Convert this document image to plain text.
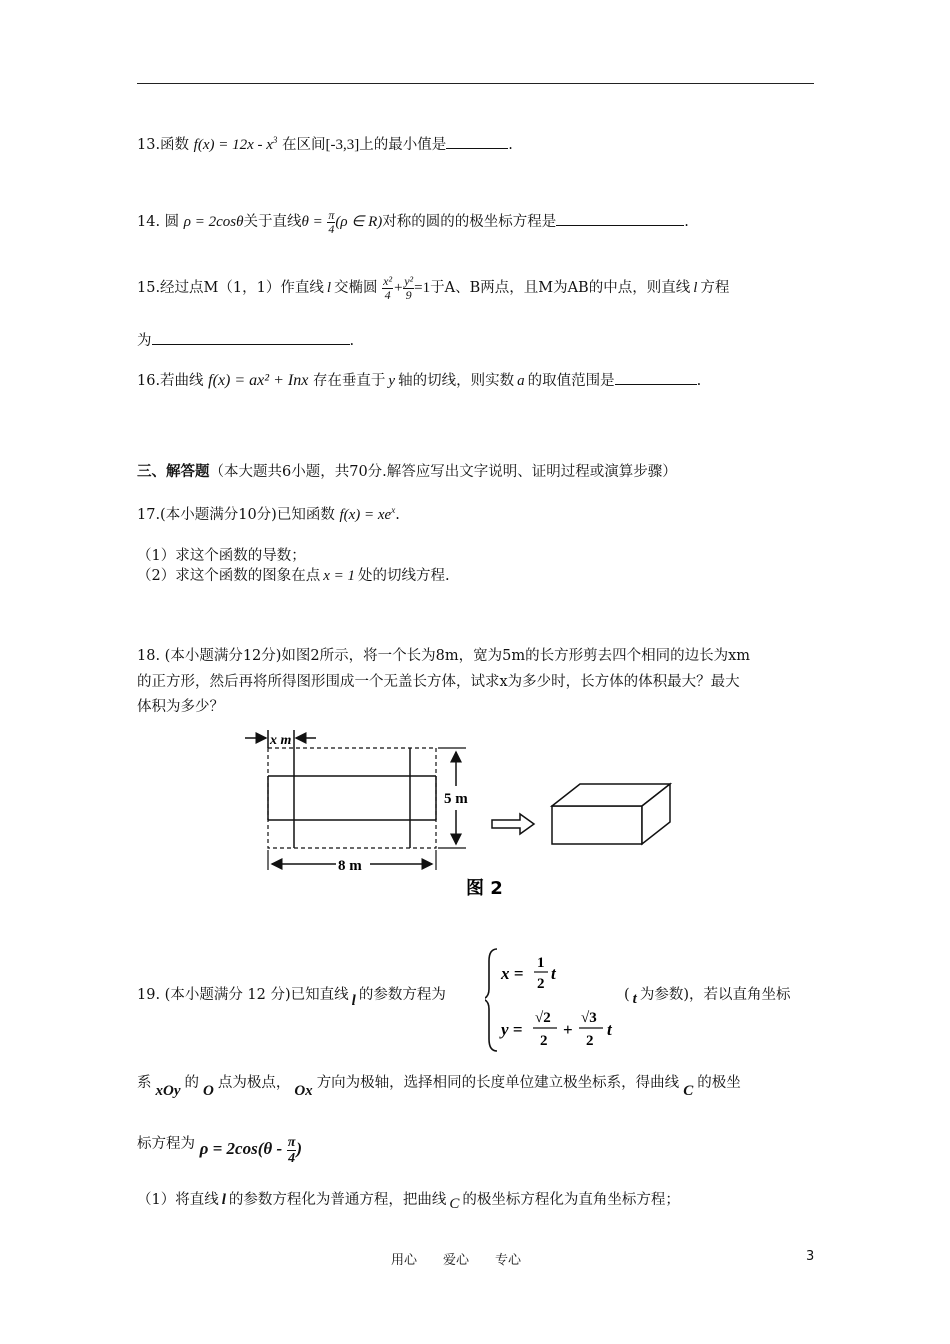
13.函数 $f(x) = 12x - x^3$ 在区间[-3,3]上的最小值是	.
14. 圆 ρ = 2cosθ关于直线$\theta = \frac{\pi}{4} (\rho$ ∈ R)对称的圆的的极坐标方程是	.
15.经过点M（1，1）作直线 l 交椭圆 $\frac{\text{x²}}{4} + \frac{\text{y²}}{9} =1$于A、B两点，且M为AB的中点，则直线 l 方程
为	.
16.若曲线 f(x) = ax² + Inx 存在垂直于 y 轴的切线，则实数 a 的取值范围是	.
三、解答题（本大题共6小题，共70分.解答应写出文字说明、证明过程或演算步骤）
17.(本小题满分10分)已知函数 $f(x) = xe^x$.
（1）求这个函数的导数；
（2）求这个函数的图象在点 x = 1 处的切线方程.
18. (本小题满分12分)如图2所示，将一个长为8m，宽为5m的长方形剪去四个相同的边长为xm
的正方形，然后再将所得图形围成一个无盖长方体，试求x为多少时，长方体的体积最大？最大
体积为多少？
x m
5 m
8 m
图 2
19. (本小题满分 12 分)已知直线 l 的参数方程为
x =
1
2
t
y =
√2
2
+
√3
2
t
( t 为参数)，若以直角坐标
系 xOy 的 O 点为极点， Ox 方向为极轴，选择相同的长度单位建立极坐标系，得曲线 C 的极坐
标方程为 $\rho = 2\cos(\theta - \frac{\pi}{4}$ )
（1）将直线 l 的参数方程化为普通方程，把曲线 C 的极坐标方程化为直角坐标方程；
用心　　爱心　　专心	3
